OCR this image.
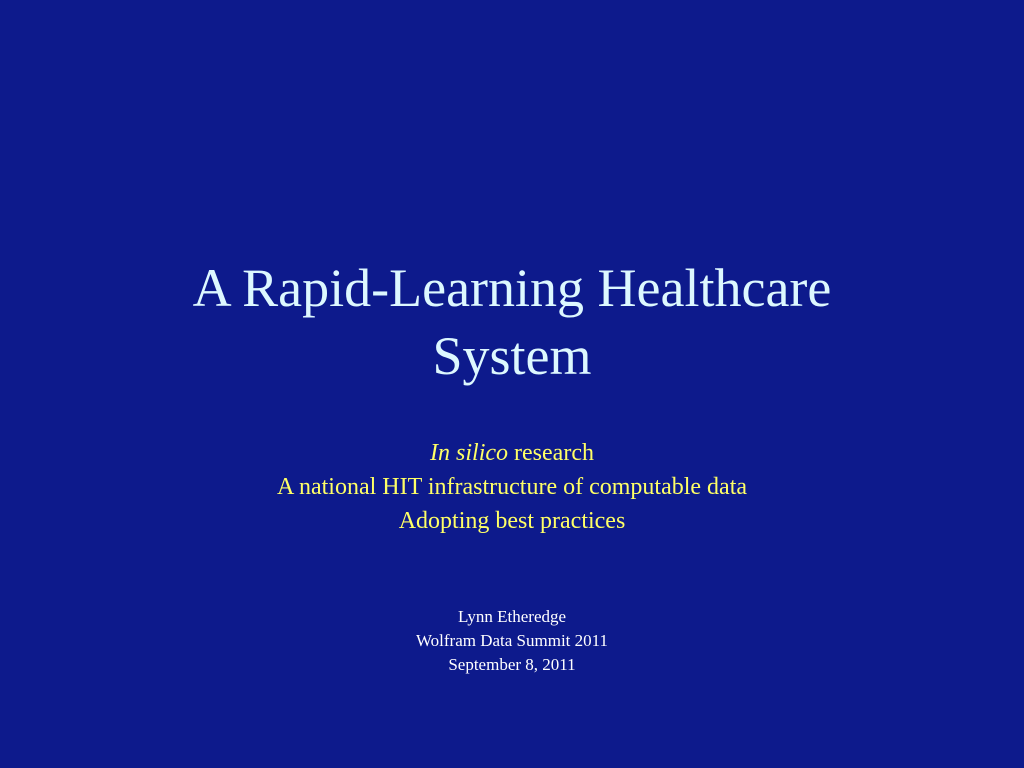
A Rapid-Learning Healthcare
System
In silico research
A national HIT infrastructure of computable data
Adopting best practices
Lynn Etheredge
Wolfram Data Summit 2011
September 8, 2011
